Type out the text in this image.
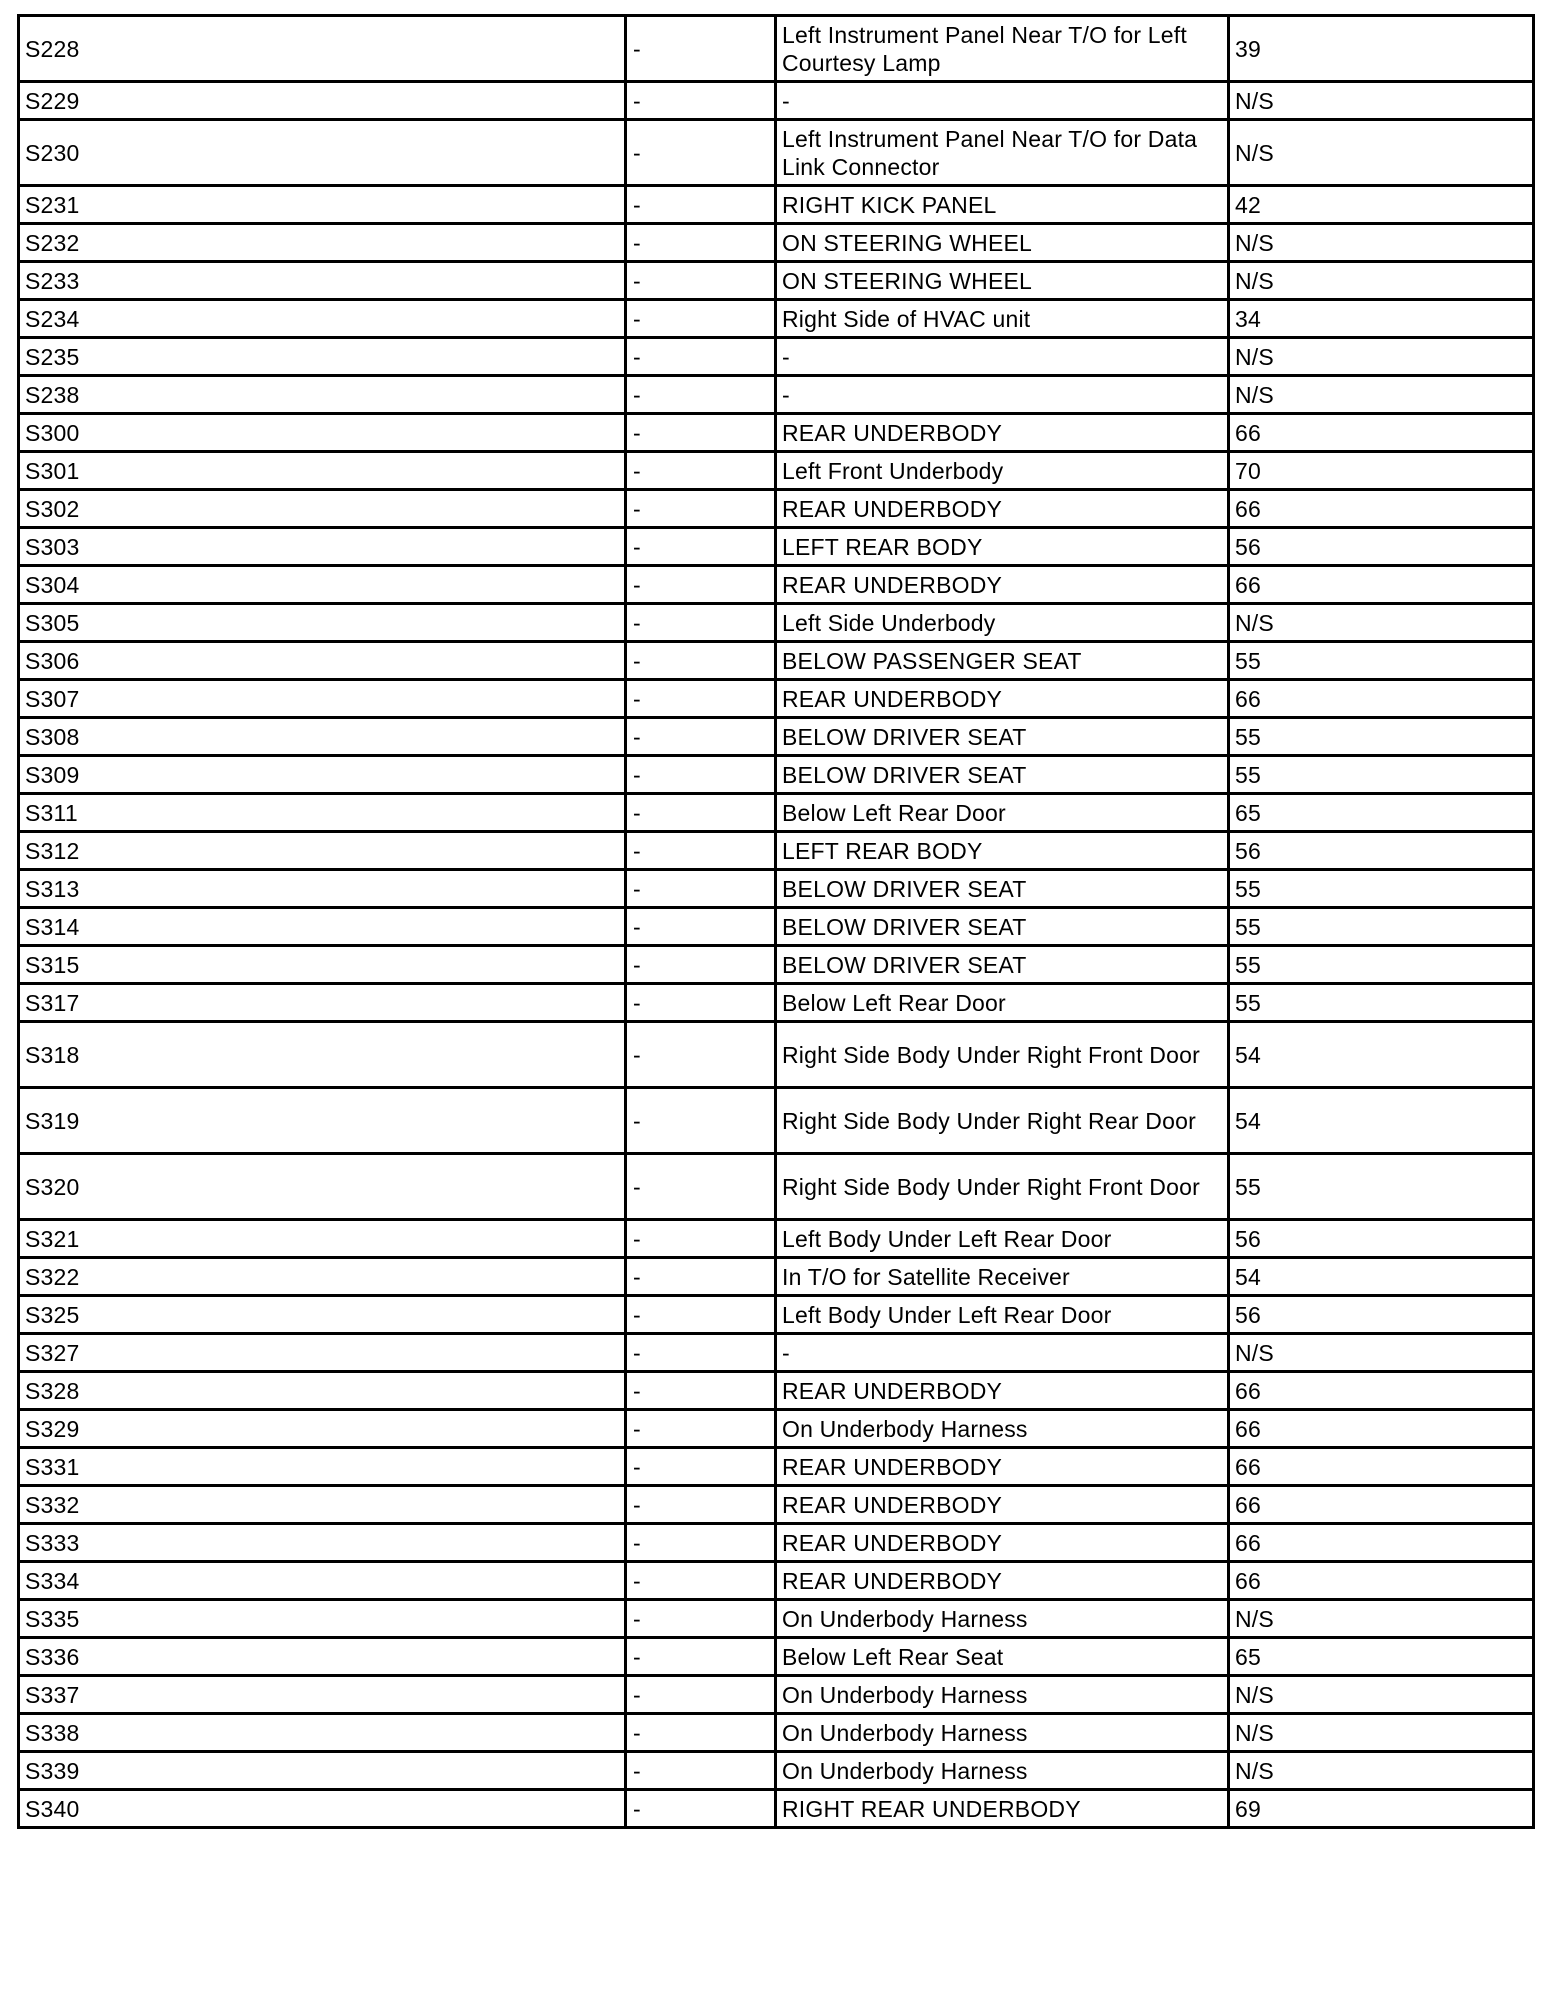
S228	-	Left Instrument Panel Near T/O for Left Courtesy Lamp	39
S229	-	-	N/S
S230	-	Left Instrument Panel Near T/O for Data Link Connector	N/S
S231	-	RIGHT KICK PANEL	42
S232	-	ON STEERING WHEEL	N/S
S233	-	ON STEERING WHEEL	N/S
S234	-	Right Side of HVAC unit	34
S235	-	-	N/S
S238	-	-	N/S
S300	-	REAR UNDERBODY	66
S301	-	Left Front Underbody	70
S302	-	REAR UNDERBODY	66
S303	-	LEFT REAR BODY	56
S304	-	REAR UNDERBODY	66
S305	-	Left Side Underbody	N/S
S306	-	BELOW PASSENGER SEAT	55
S307	-	REAR UNDERBODY	66
S308	-	BELOW DRIVER SEAT	55
S309	-	BELOW DRIVER SEAT	55
S311	-	Below Left Rear Door	65
S312	-	LEFT REAR BODY	56
S313	-	BELOW DRIVER SEAT	55
S314	-	BELOW DRIVER SEAT	55
S315	-	BELOW DRIVER SEAT	55
S317	-	Below Left Rear Door	55
S318	-	Right Side Body Under Right Front Door	54
S319	-	Right Side Body Under Right Rear Door	54
S320	-	Right Side Body Under Right Front Door	55
S321	-	Left Body Under Left Rear Door	56
S322	-	In T/O for Satellite Receiver	54
S325	-	Left Body Under Left Rear Door	56
S327	-	-	N/S
S328	-	REAR UNDERBODY	66
S329	-	On Underbody Harness	66
S331	-	REAR UNDERBODY	66
S332	-	REAR UNDERBODY	66
S333	-	REAR UNDERBODY	66
S334	-	REAR UNDERBODY	66
S335	-	On Underbody Harness	N/S
S336	-	Below Left Rear Seat	65
S337	-	On Underbody Harness	N/S
S338	-	On Underbody Harness	N/S
S339	-	On Underbody Harness	N/S
S340	-	RIGHT REAR UNDERBODY	69
